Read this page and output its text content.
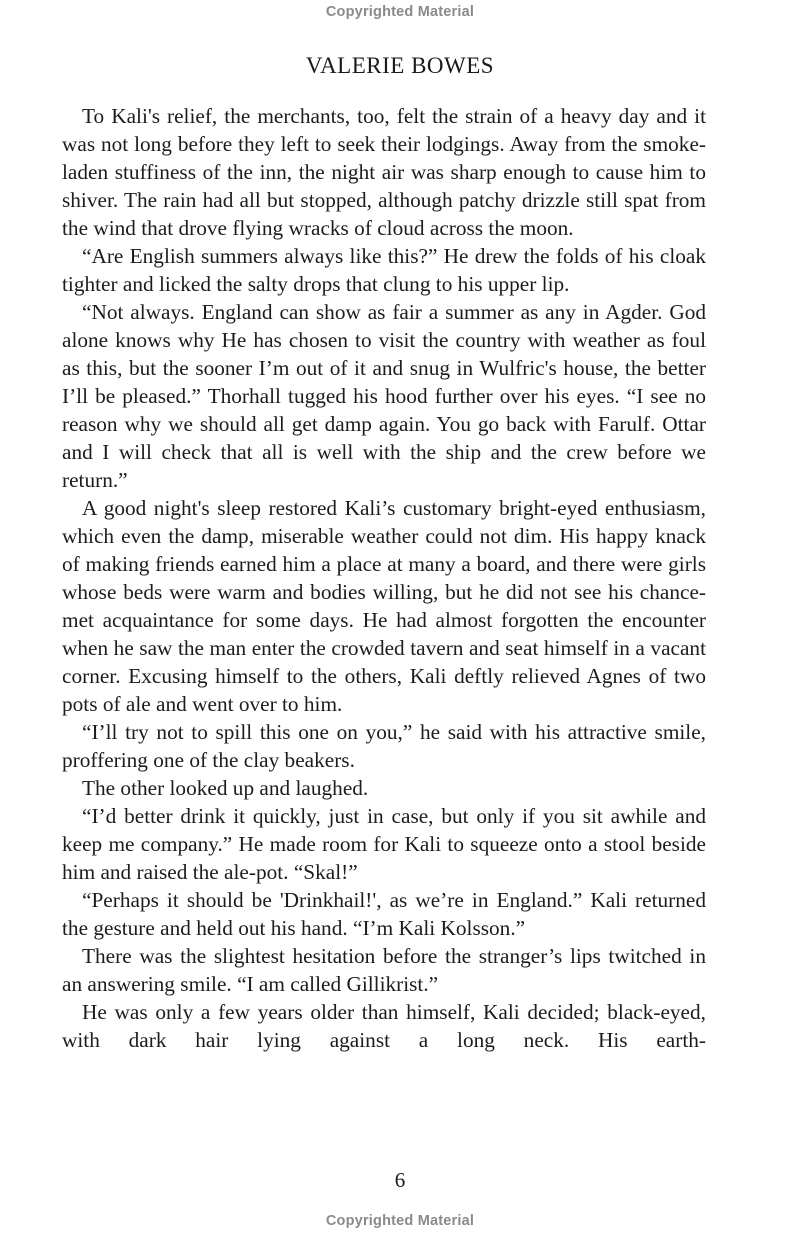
Copyrighted Material
VALERIE BOWES

To Kali's relief, the merchants, too, felt the strain of a heavy day and it was not long before they left to seek their lodgings. Away from the smoke-laden stuffiness of the inn, the night air was sharp enough to cause him to shiver. The rain had all but stopped, although patchy drizzle still spat from the wind that drove flying wracks of cloud across the moon.

“Are English summers always like this?” He drew the folds of his cloak tighter and licked the salty drops that clung to his upper lip.

“Not always. England can show as fair a summer as any in Agder. God alone knows why He has chosen to visit the country with weather as foul as this, but the sooner I’m out of it and snug in Wulfric's house, the better I’ll be pleased.” Thorhall tugged his hood further over his eyes. “I see no reason why we should all get damp again. You go back with Farulf. Ottar and I will check that all is well with the ship and the crew before we return.”

A good night's sleep restored Kali’s customary bright-eyed enthusiasm, which even the damp, miserable weather could not dim. His happy knack of making friends earned him a place at many a board, and there were girls whose beds were warm and bodies willing, but he did not see his chance-met acquaintance for some days. He had almost forgotten the encounter when he saw the man enter the crowded tavern and seat himself in a vacant corner. Excusing himself to the others, Kali deftly relieved Agnes of two pots of ale and went over to him.

“I’ll try not to spill this one on you,” he said with his attractive smile, proffering one of the clay beakers.

The other looked up and laughed.

“I’d better drink it quickly, just in case, but only if you sit awhile and keep me company.” He made room for Kali to squeeze onto a stool beside him and raised the ale-pot. “Skal!”

“Perhaps it should be 'Drinkhail!', as we’re in England.” Kali returned the gesture and held out his hand. “I’m Kali Kolsson.”

There was the slightest hesitation before the stranger’s lips twitched in an answering smile. “I am called Gillikrist.”

He was only a few years older than himself, Kali decided; black-eyed, with dark hair lying against a long neck. His earth-

6
Copyrighted Material
